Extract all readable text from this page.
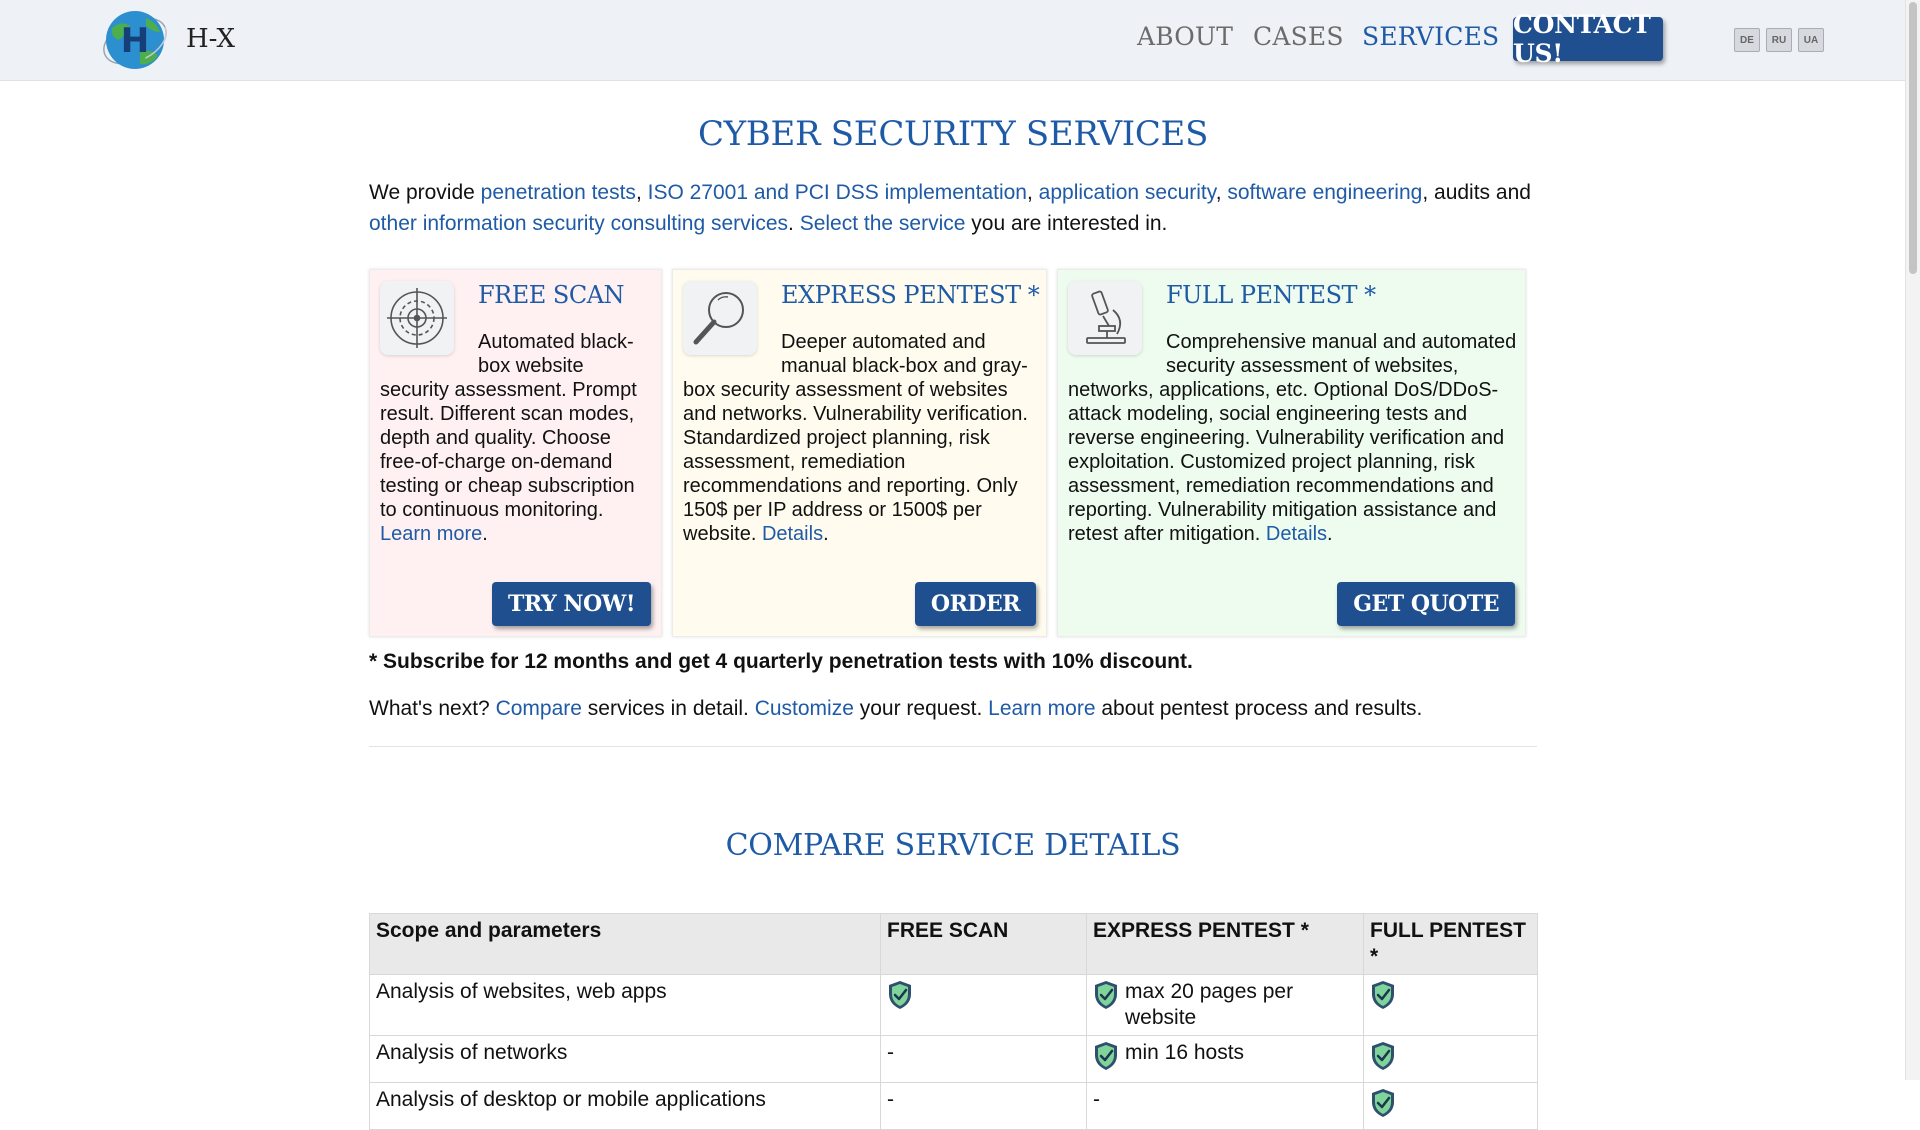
H H-X	ABOUT CASES SERVICES CONTACT US!	DE	RU	UA
CYBER SECURITY SERVICES
We provide penetration tests, ISO 27001 and PCI DSS implementation, application security, software engineering, audits and other information security consulting services. Select the service you are interested in.
FREE SCAN
Automated black-box website security assessment. Prompt result. Different scan modes, depth and quality. Choose free-of-charge on-demand testing or cheap subscription to continuous monitoring. Learn more.
TRY NOW!
EXPRESS PENTEST *
Deeper automated and manual black-box and gray-box security assessment of websites and networks. Vulnerability verification. Standardized project planning, risk assessment, remediation recommendations and reporting. Only 150$ per IP address or 1500$ per website. Details.
ORDER
FULL PENTEST *
Comprehensive manual and automated security assessment of websites, networks, applications, etc. Optional DoS/DDoS-attack modeling, social engineering tests and reverse engineering. Vulnerability verification and exploitation. Customized project planning, risk assessment, remediation recommendations and reporting. Vulnerability mitigation assistance and retest after mitigation. Details.
GET QUOTE
* Subscribe for 12 months and get 4 quarterly penetration tests with 10% discount.
What's next? Compare services in detail. Customize your request. Learn more about pentest process and results.
COMPARE SERVICE DETAILS
Scope and parameters	FREE SCAN	EXPRESS PENTEST *	FULL PENTEST *
Analysis of websites, web apps		max 20 pages per website	
Analysis of networks	-	min 16 hosts	
Analysis of desktop or mobile applications	-	-	
